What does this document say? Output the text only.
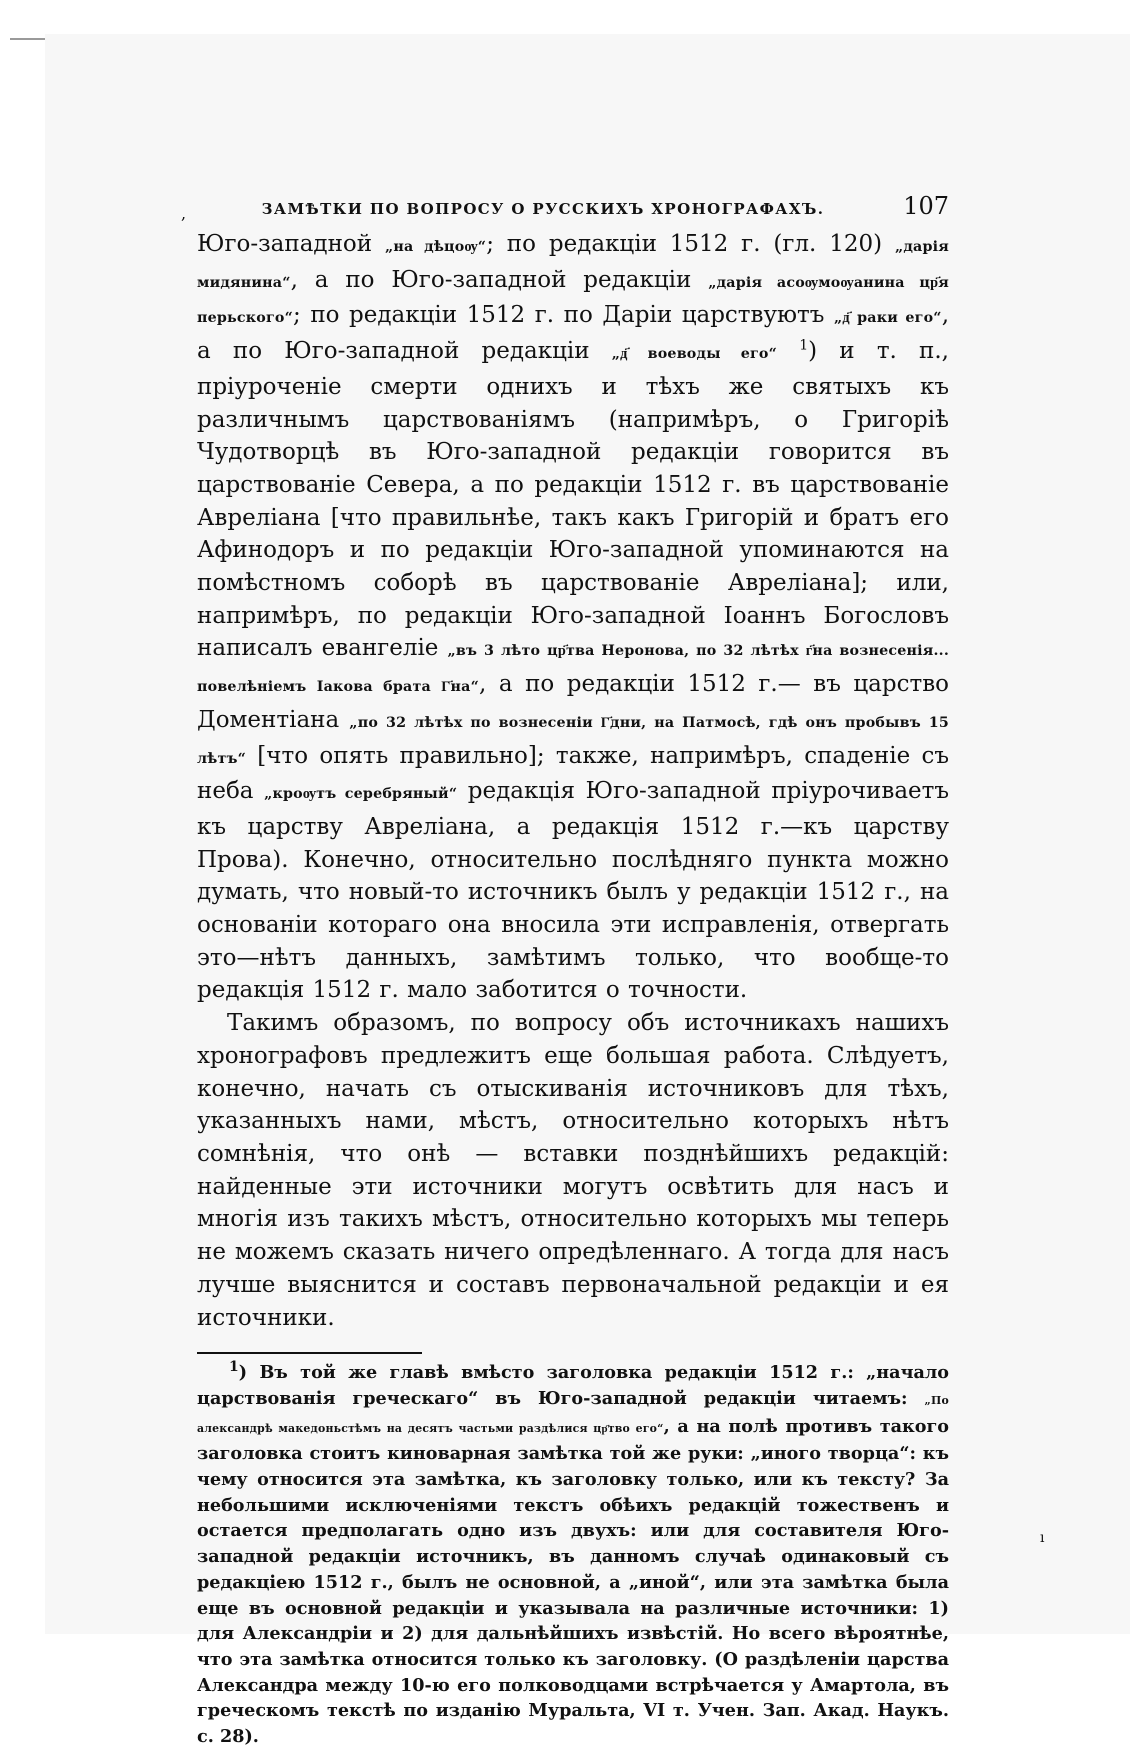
,	ЗАМѢТКИ ПО ВОПРОСУ О РУССКИХЪ ХРОНОГРАФАХЪ.	107

Юго-западной „на дѣцоѹ“; по редакціи 1512 г. (гл. 120) „дарія мидянина“, а по Юго-западной редакціи „дарія асоѹмоѹанина цр҃я перьского“; по редакціи 1512 г. по Даріи царствуютъ „д҃ раки его“, а по Юго-западной редакціи „д҃ воеводы его“ $^1$) и т. п., пріуроченіе смерти однихъ и тѣхъ же святыхъ къ различнымъ царствованіямъ (напримѣръ, о Григоріѣ Чудотворцѣ въ Юго-западной редакціи говорится въ царствованіе Севера, а по редакціи 1512 г. въ царствованіе Авреліана [что правильнѣе, такъ какъ Григорій и братъ его Афинодоръ и по редакціи Юго-западной упоминаются на помѣстномъ соборѣ въ царствованіе Авреліана]; или, напримѣръ, по редакціи Юго-западной Іоаннъ Богословъ написалъ евангеліе „въ 3 лѣто цр҃тва Неронова, по 32 лѣтѣх г҃на вознесенія... повелѣніемъ Іакова брата Г҃на“, а по редакціи 1512 г.— въ царство Доментіана „по 32 лѣтѣх по вознесеніи Г҃дни, на Патмосѣ, гдѣ онъ пробывъ 15 лѣтъ“ [что опять правильно]; также, напримѣръ, спаденіе съ неба „кроѹтъ серебряный“ редакція Юго-западной пріурочиваетъ къ царству Авреліана, а редакція 1512 г.—къ царству Прова). Конечно, относительно послѣдняго пункта можно думать, что новый-то источникъ былъ у редакціи 1512 г., на основаніи котораго она вносила эти исправленія, отвергать это—нѣтъ данныхъ, замѣтимъ только, что вообще-то редакція 1512 г. мало заботится о точности.

Такимъ образомъ, по вопросу объ источникахъ нашихъ хронографовъ предлежитъ еще большая работа. Слѣдуетъ, конечно, начать съ отыскиванія источниковъ для тѣхъ, указанныхъ нами, мѣстъ, относительно которыхъ нѣтъ сомнѣнія, что онѣ — вставки позднѣйшихъ редакцій: найденные эти источники могутъ освѣтить для насъ и многія изъ такихъ мѣстъ, относительно которыхъ мы теперь не можемъ сказать ничего опредѣленнаго. А тогда для насъ лучше выяснится и составъ первоначальной редакціи и ея источники.

$^1$) Въ той же главѣ вмѣсто заголовка редакціи 1512 г.: „начало царствованія греческаго“ въ Юго-западной редакціи читаемъ: „По александрѣ македоньстѣмъ на десятъ частьми раздѣлися цр҃тво его“, а на полѣ противъ такого заголовка стоитъ киноварная замѣтка той же руки: „иного творца“: къ чему относится эта замѣтка, къ заголовку только, или къ тексту? За небольшими исключеніями текстъ обѣихъ редакцій тожественъ и остается предполагать одно изъ двухъ: или для составителя Юго-западной редакціи источникъ, въ данномъ случаѣ одинаковый съ редакціею 1512 г., былъ не основной, а „иной“, или эта замѣтка была еще въ основной редакціи и указывала на различные источники: 1) для Александріи и 2) для дальнѣйшихъ извѣстій. Но всего вѣроятнѣе, что эта замѣтка относится только къ заголовку. (О раздѣленіи царства Александра между 10-ю его полководцами встрѣчается у Амартола, въ греческомъ текстѣ по изданію Муральта, VI т. Учен. Зап. Акад. Наукъ. с. 28).
ı
